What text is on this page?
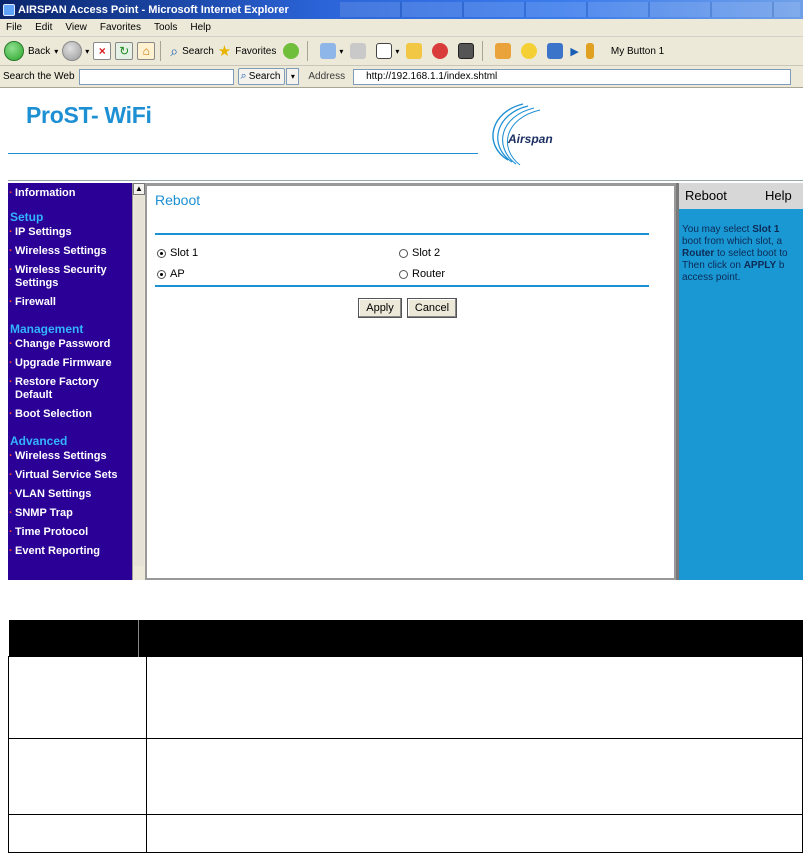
AIRSPAN Access Point - Microsoft Internet Explorer
File	Edit	View	Favorites	Tools	Help
Back ▾	▾ ×	↻	⌂	⌕ Search ★ Favorites	▾	▾	▶	My Button 1
Search the Web	⌕ Search	▾	Address	http://192.168.1.1/index.shtml
ProST- WiFi
Airspan
· Information
Setup
· IP Settings
· Wireless Settings
· Wireless Security Settings
· Firewall
Management
· Change Password
· Upgrade Firmware
· Restore Factory Default
· Boot Selection
Advanced
· Wireless Settings
· Virtual Service Sets
· VLAN Settings
· SNMP Trap
· Time Protocol
· Event Reporting
▲
Reboot
Slot 1	Slot 2
AP	Router
Apply	Cancel
Reboot	Help
You may select Slot 1
boot from which slot, a
Router to select boot to
Then click on APPLY b
access point.
